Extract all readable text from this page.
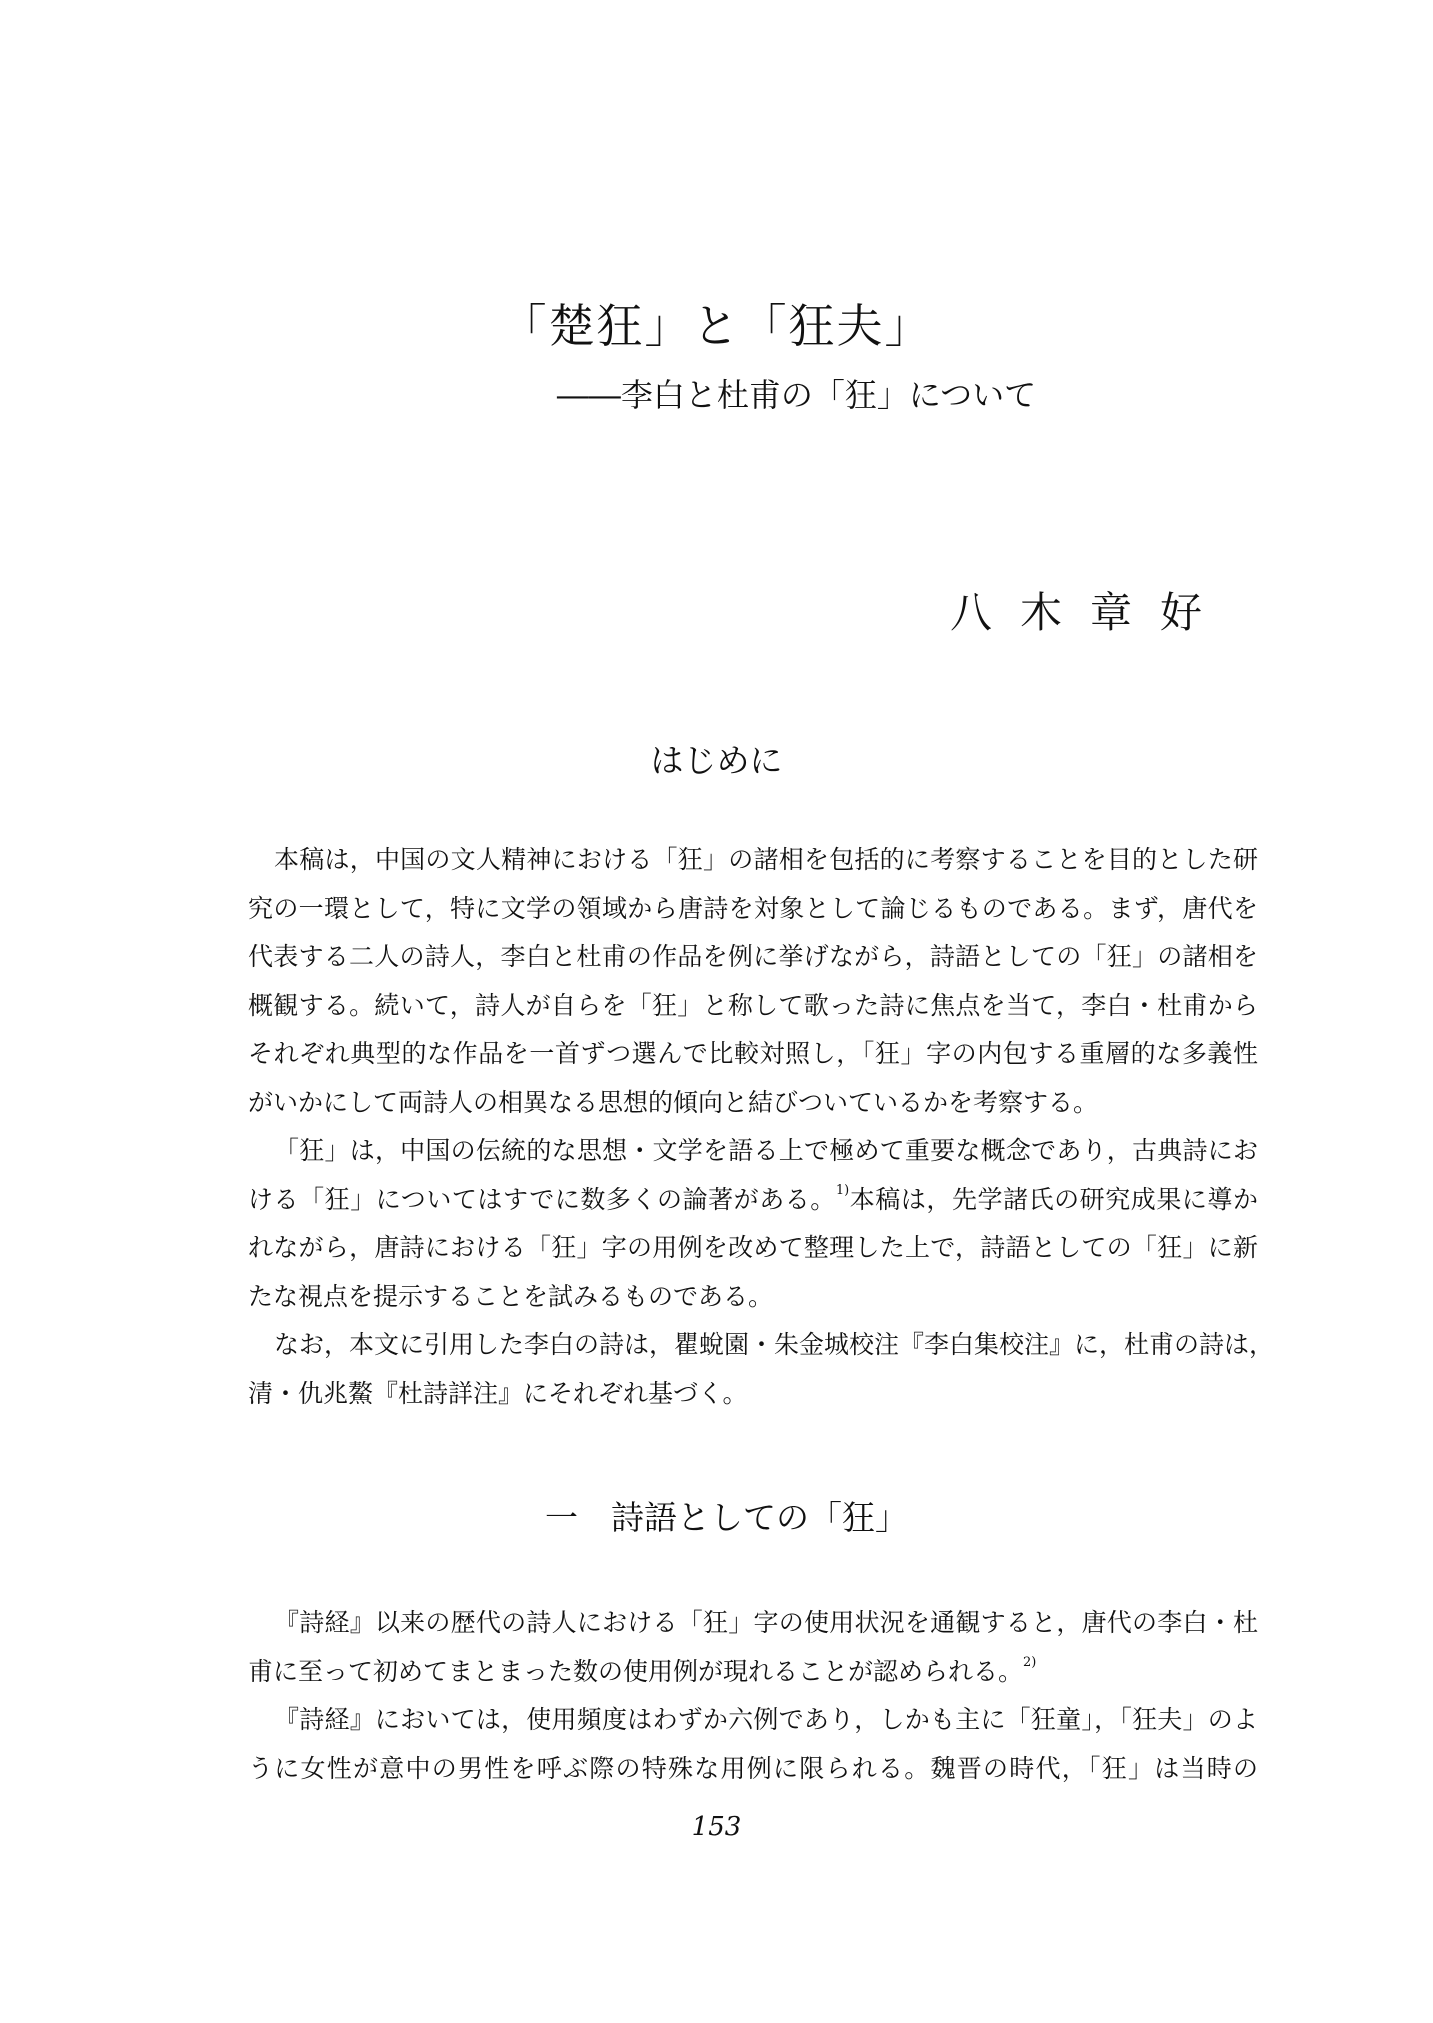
「楚狂」と「狂夫」
――李白と杜甫の「狂」について
八木章好
はじめに
本稿は，中国の文人精神における「狂」の諸相を包括的に考察することを目的とした研
究の一環として，特に文学の領域から唐詩を対象として論じるものである。まず，唐代を
代表する二人の詩人，李白と杜甫の作品を例に挙げながら，詩語としての「狂」の諸相を
概観する。続いて，詩人が自らを「狂」と称して歌った詩に焦点を当て，李白・杜甫から
それぞれ典型的な作品を一首ずつ選んで比較対照し，「狂」字の内包する重層的な多義性
がいかにして両詩人の相異なる思想的傾向と結びついているかを考察する。
「狂」は，中国の伝統的な思想・文学を語る上で極めて重要な概念であり，古典詩にお
ける「狂」についてはすでに数多くの論著がある。$^{1)}$本稿は，先学諸氏の研究成果に導か
れながら，唐詩における「狂」字の用例を改めて整理した上で，詩語としての「狂」に新
たな視点を提示することを試みるものである。
なお，本文に引用した李白の詩は，瞿蛻園・朱金城校注『李白集校注』に，杜甫の詩は，
清・仇兆鰲『杜詩詳注』にそれぞれ基づく。
一　詩語としての「狂」
『詩経』以来の歴代の詩人における「狂」字の使用状況を通観すると，唐代の李白・杜
甫に至って初めてまとまった数の使用例が現れることが認められる。$^{2)}$
『詩経』においては，使用頻度はわずか六例であり，しかも主に「狂童」，「狂夫」のよ
うに女性が意中の男性を呼ぶ際の特殊な用例に限られる。魏晋の時代，「狂」は当時の
153
